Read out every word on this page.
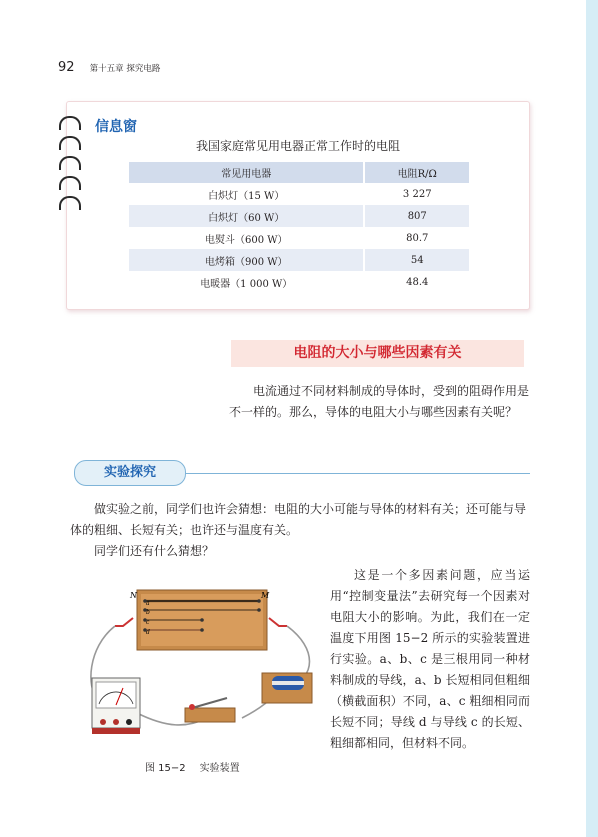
92 第十五章 探究电路
信息窗
我国家庭常见用电器正常工作时的电阻
常见用电器	电阻R/Ω
白炽灯（15 W）	3 227
白炽灯（60 W）	807
电熨斗（600 W）	80.7
电烤箱（900 W）	54
电暖器（1 000 W）	48.4
电阻的大小与哪些因素有关
电流通过不同材料制成的导体时，受到的阻碍作用是不一样的。那么，导体的电阻大小与哪些因素有关呢？
实验探究
做实验之前，同学们也许会猜想：电阻的大小可能与导体的材料有关；还可能与导体的粗细、长短有关；也许还与温度有关。
同学们还有什么猜想？
这是一个多因素问题，应当运用“控制变量法”去研究每一个因素对电阻大小的影响。为此，我们在一定温度下用图 15−2 所示的实验装置进行实验。a、b、c 是三根用同一种材料制成的导线，a、b 长短相同但粗细（横截面积）不同，a、c 粗细相同而长短不同；导线 d 与导线 c 的长短、粗细都相同，但材料不同。
N	M
a
b
c
d
图 15−2 实验装置
